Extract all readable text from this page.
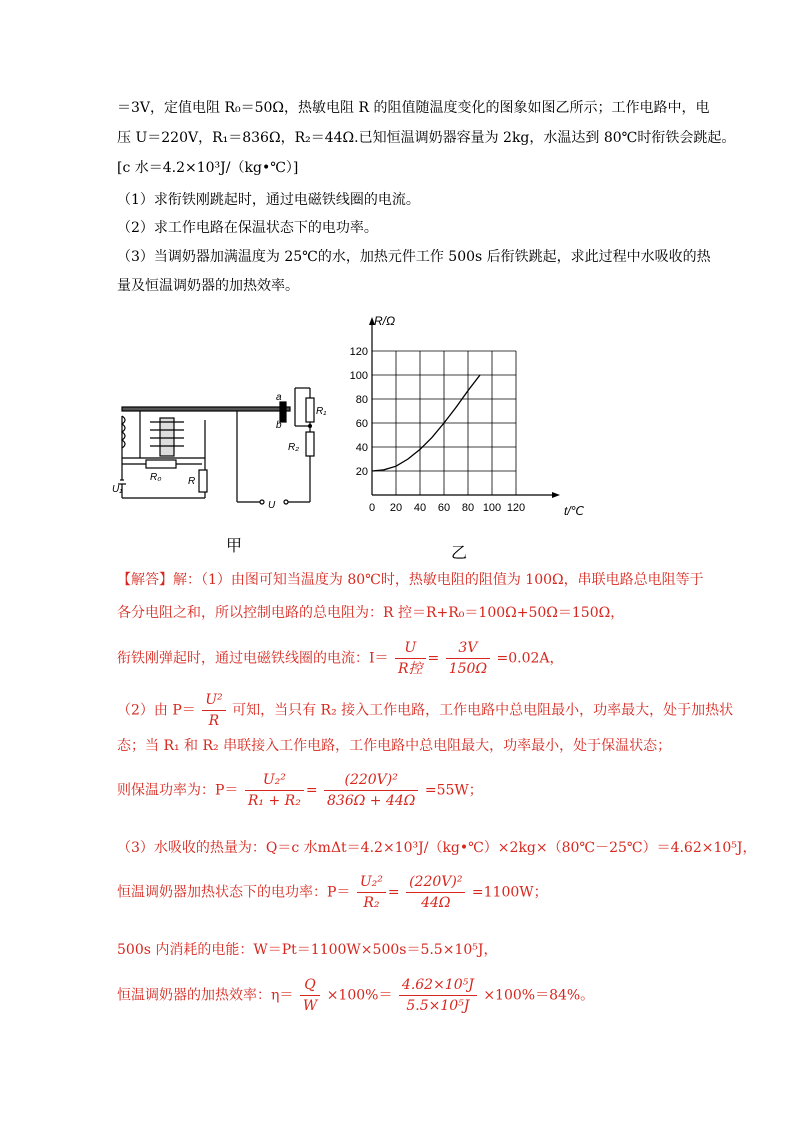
＝3V，定值电阻 R₀＝50Ω，热敏电阻 R 的阻值随温度变化的图象如图乙所示；工作电路中，电
压 U＝220V，R₁＝836Ω，R₂＝44Ω.已知恒温调奶器容量为 2kg，水温达到 80℃时衔铁会跳起。
[c 水＝4.2×10³J/（kg•℃）]
（1）求衔铁刚跳起时，通过电磁铁线圈的电流。
（2）求工作电路在保温状态下的电功率。
（3）当调奶器加满温度为 25℃的水，加热元件工作 500s 后衔铁跳起，求此过程中水吸收的热
量及恒温调奶器的加热效率。
a
b
R₁
R₂
R₀	R
U₁
U
甲
0 20 40 60 80 100 120
20
40
60
80
100
120
t/℃
R/Ω
乙
【解答】解：（1）由图可知当温度为 80℃时，热敏电阻的阻值为 100Ω，串联电路总电阻等于
各分电阻之和，所以控制电路的总电阻为：R 控＝R+R₀＝100Ω+50Ω＝150Ω，
衔铁刚弹起时，通过电磁铁线圈的电流：$I= \frac{U}{\text{R控}} = \frac{3V}{150\Omega} =0.02A$，
（2）由 $P= \frac{\text{U²}}{R}$ 可知，当只有 R₂ 接入工作电路，工作电路中总电阻最小，功率最大，处于加热状
态；当 R₁ 和 R₂ 串联接入工作电路，工作电路中总电阻最大，功率最小，处于保温状态；
则保温功率为：$P= \frac{\text{U₂²}}{\text{R₁ + R₂}} = \frac{\text{(220V)²}}{836\Omega + 44\Omega} =55W$；
（3）水吸收的热量为：Q＝c 水mΔt＝4.2×10³J/（kg•℃）×2kg×（80℃－25℃）＝4.62×10⁵J，
恒温调奶器加热状态下的电功率：$P= \frac{\text{U₂²}}{\text{R₂}} = \frac{\text{(220V)²}}{44\Omega} =1100W$；
500s 内消耗的电能：W＝Pt＝1100W×500s＝5.5×10⁵J，
恒温调奶器的加热效率：$\eta= \frac{Q}{W} \times 100\%= \frac{\text{4.62×10⁵J}}{\text{5.5×10⁵J}} \times 100\%=84\%$。
